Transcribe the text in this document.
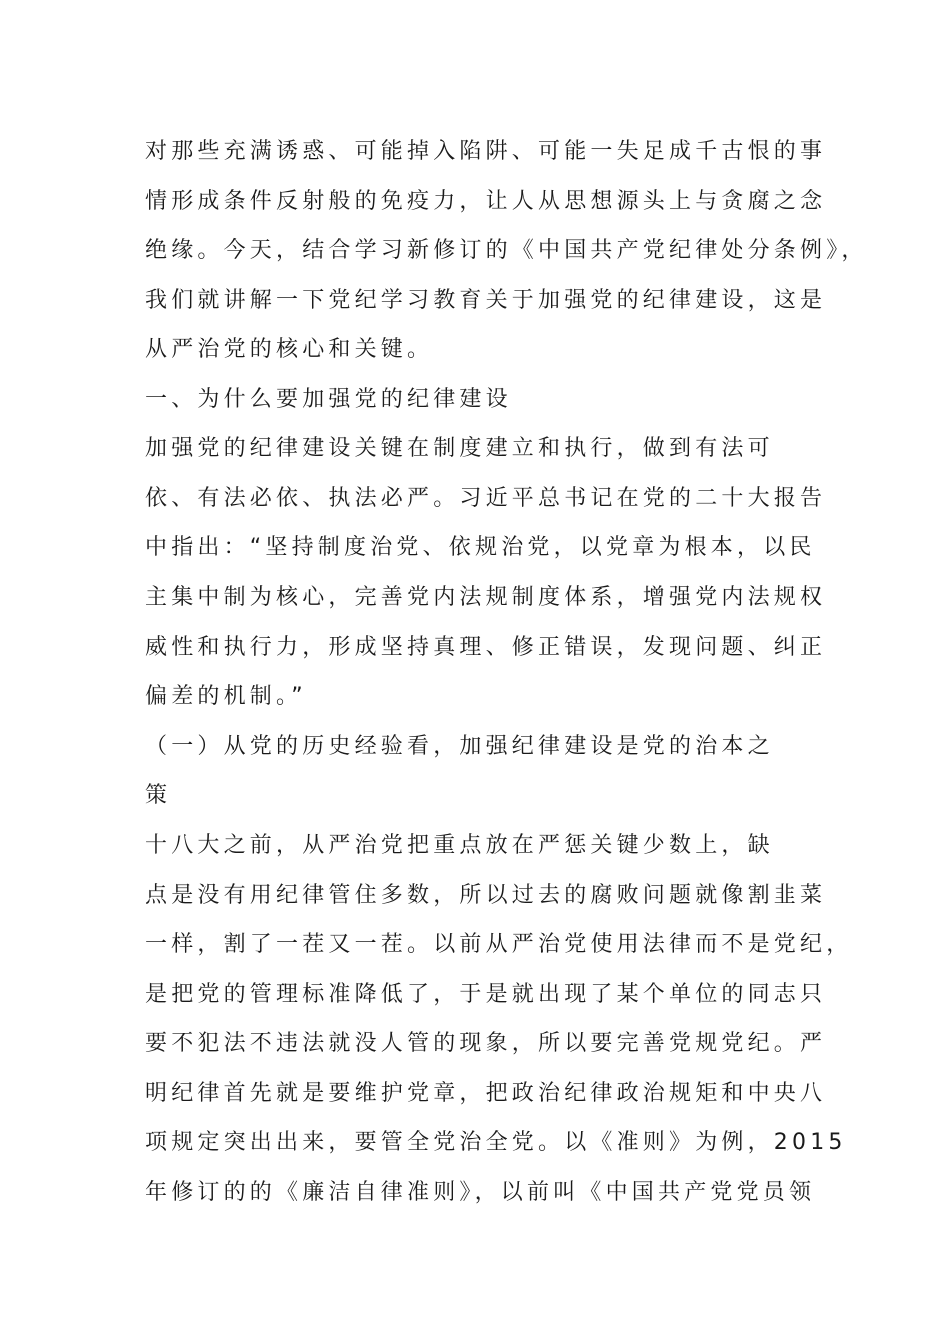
对那些充满诱惑、可能掉入陷阱、可能一失足成千古恨的事
情形成条件反射般的免疫力，让人从思想源头上与贪腐之念
绝缘。今天，结合学习新修订的《中国共产党纪律处分条例》，
我们就讲解一下党纪学习教育关于加强党的纪律建设，这是
从严治党的核心和关键。
一、为什么要加强党的纪律建设
加强党的纪律建设关键在制度建立和执行，做到有法可
依、有法必依、执法必严。习近平总书记在党的二十大报告
中指出：“坚持制度治党、依规治党，以党章为根本，以民
主集中制为核心，完善党内法规制度体系，增强党内法规权
威性和执行力，形成坚持真理、修正错误，发现问题、纠正
偏差的机制。”
（一）从党的历史经验看，加强纪律建设是党的治本之
策
十八大之前，从严治党把重点放在严惩关键少数上，缺
点是没有用纪律管住多数，所以过去的腐败问题就像割韭菜
一样，割了一茬又一茬。以前从严治党使用法律而不是党纪，
是把党的管理标准降低了，于是就出现了某个单位的同志只
要不犯法不违法就没人管的现象，所以要完善党规党纪。严
明纪律首先就是要维护党章，把政治纪律政治规矩和中央八
项规定突出出来，要管全党治全党。以《准则》为例，2015
年修订的的《廉洁自律准则》，以前叫《中国共产党党员领
